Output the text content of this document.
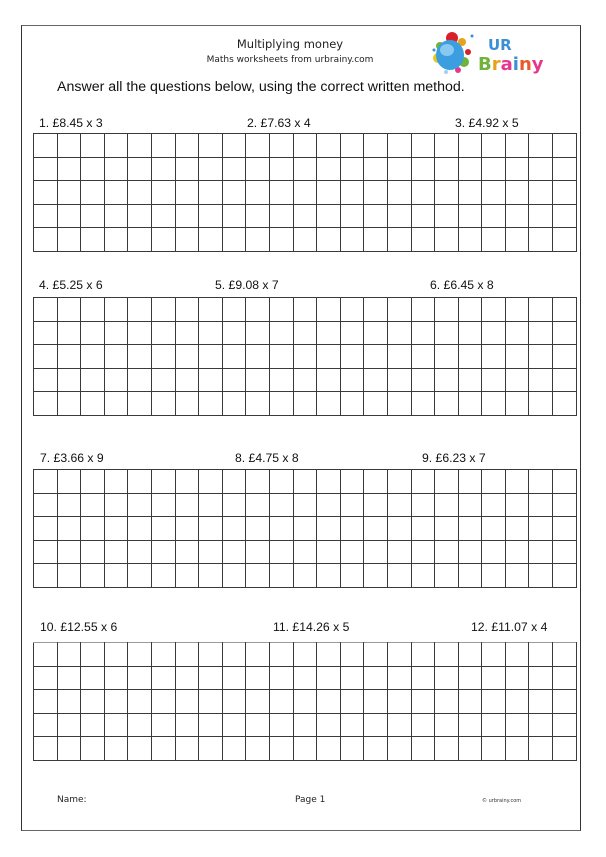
Multiplying money
Maths worksheets from urbrainy.com
UR
Brainy
Answer all the questions below, using the correct written method.
1. £8.45 x 3	2. £7.63 x 4	3. £4.92 x 5

4. £5.25 x 6	5. £9.08 x 7	6. £6.45 x 8

7. £3.66 x 9	8. £4.75 x 8	9. £6.23 x 7

10. £12.55 x 6	11. £14.26 x 5	12. £11.07 x 4

Name:	Page 1	© urbrainy.com
